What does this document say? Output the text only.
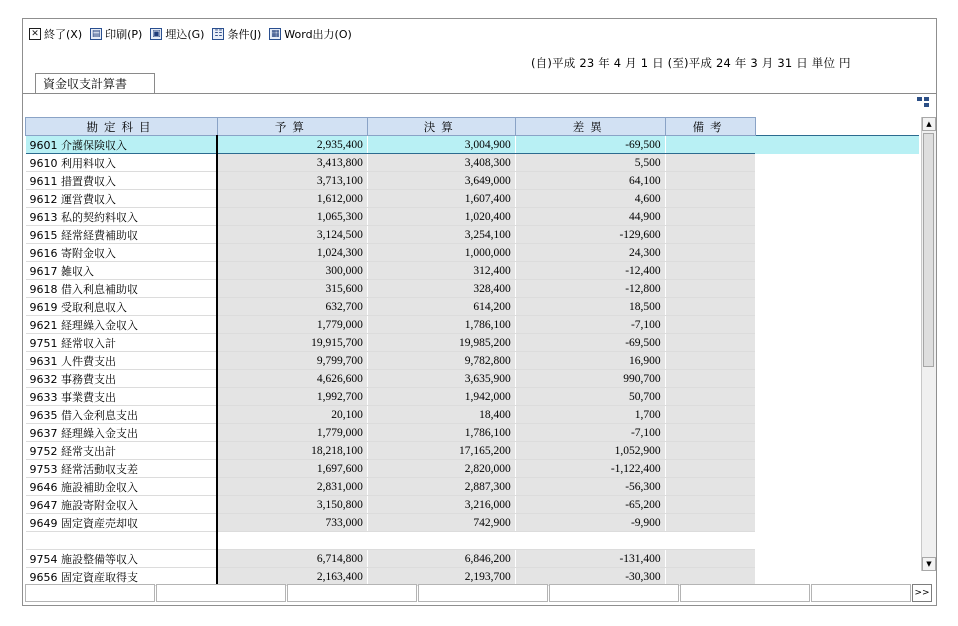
✕ 終了(X) ▤ 印刷(P) ▣ 埋込(G) ☷ 条件(J) ▦ Word出力(O)
(自)平成 23 年 4 月 1 日 (至)平成 24 年 3 月 31 日 単位 円
資金収支計算書
勘定科目	予算	決算	差異	備考	
9601 介護保険収入	2,935,400	3,004,900	-69,500		
9610 利用料収入	3,413,800	3,408,300	5,500		
9611 措置費収入	3,713,100	3,649,000	64,100		
9612 運営費収入	1,612,000	1,607,400	4,600		
9613 私的契約料収入	1,065,300	1,020,400	44,900		
9615 経常経費補助収	3,124,500	3,254,100	-129,600		
9616 寄附金収入	1,024,300	1,000,000	24,300		
9617 雑収入	300,000	312,400	-12,400		
9618 借入利息補助収	315,600	328,400	-12,800		
9619 受取利息収入	632,700	614,200	18,500		
9621 経理繰入金収入	1,779,000	1,786,100	-7,100		
9751 経常収入計	19,915,700	19,985,200	-69,500		
9631 人件費支出	9,799,700	9,782,800	16,900		
9632 事務費支出	4,626,600	3,635,900	990,700		
9633 事業費支出	1,992,700	1,942,000	50,700		
9635 借入金利息支出	20,100	18,400	1,700		
9637 経理繰入金支出	1,779,000	1,786,100	-7,100		
9752 経常支出計	18,218,100	17,165,200	1,052,900		
9753 経常活動収支差	1,697,600	2,820,000	-1,122,400		
9646 施設補助金収入	2,831,000	2,887,300	-56,300		
9647 施設寄附金収入	3,150,800	3,216,000	-65,200		
9649 固定資産売却収	733,000	742,900	-9,900		

9754 施設整備等収入	6,714,800	6,846,200	-131,400		
9656 固定資産取得支	2,163,400	2,193,700	-30,300		
▲
▼
>>
